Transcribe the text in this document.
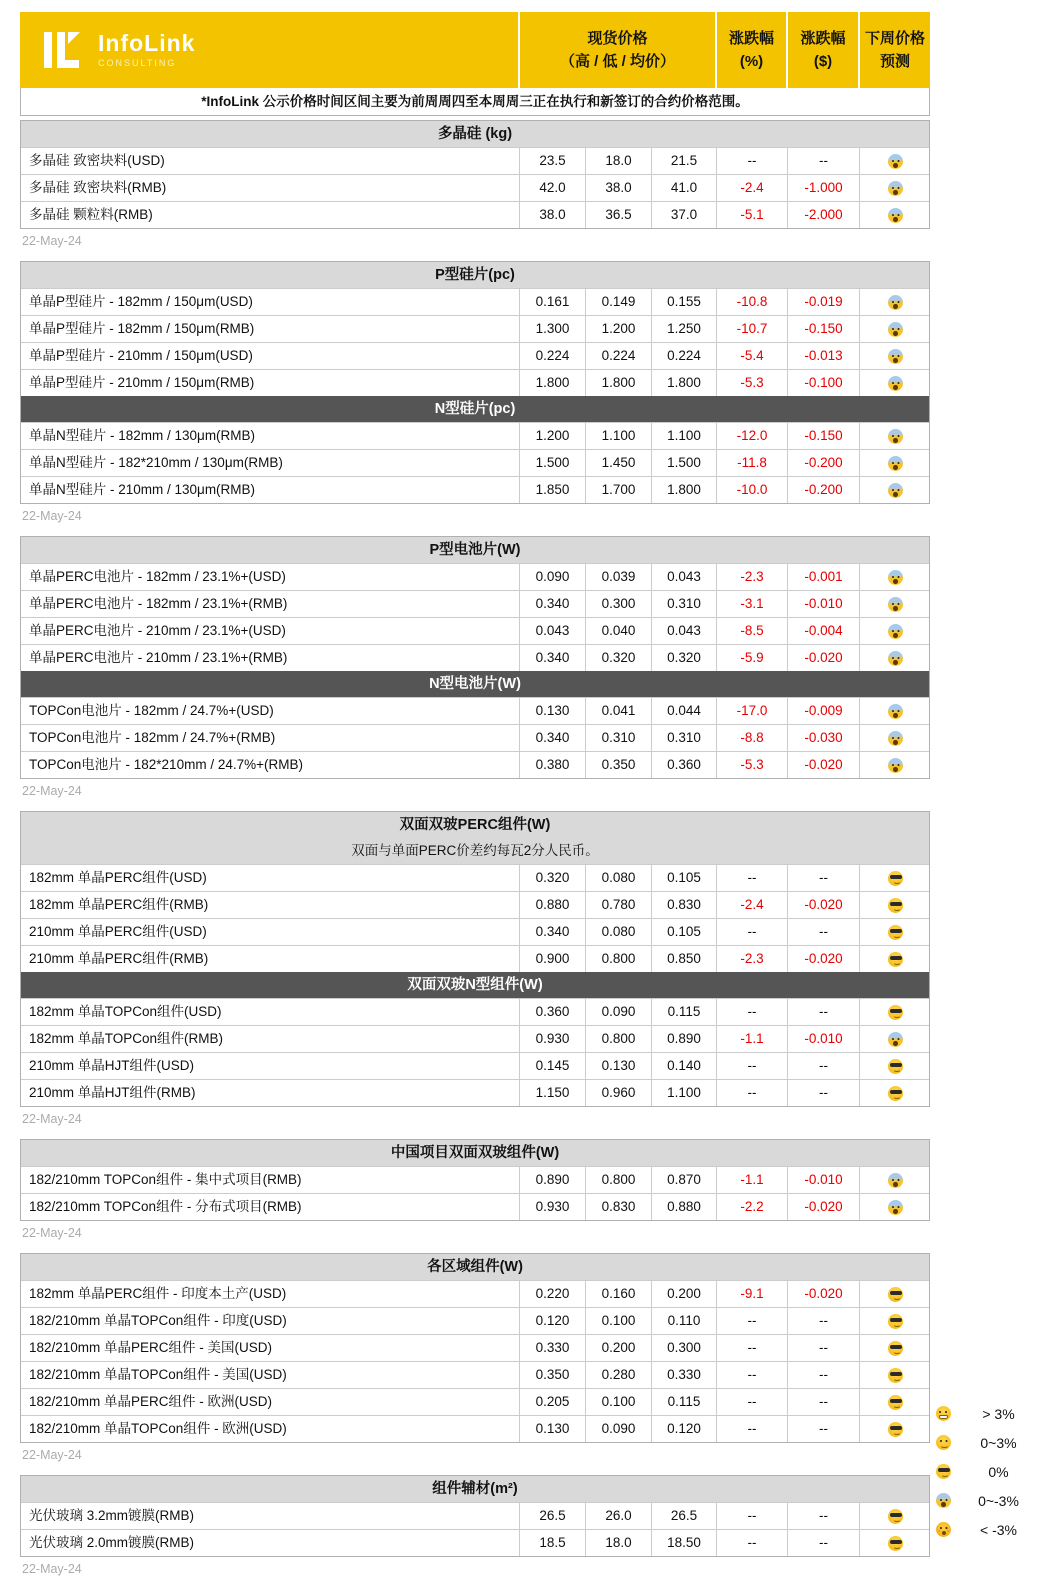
InfoLink
CONSULTING
现货价格
（高 / 低 / 均价）
涨跌幅
(%)
涨跌幅
($)
下周价格
预测
*InfoLink 公示价格时间区间主要为前周周四至本周周三正在执行和新签订的合约价格范围。
多晶硅 (kg)
多晶硅 致密块料(USD)	23.5	18.0	21.5	--	--
多晶硅 致密块料(RMB)	42.0	38.0	41.0	-2.4	-1.000
多晶硅 颗粒料(RMB)	38.0	36.5	37.0	-5.1	-2.000
22-May-24
P型硅片(pc)
单晶P型硅片 - 182mm / 150μm(USD)	0.161	0.149	0.155	-10.8	-0.019
单晶P型硅片 - 182mm / 150μm(RMB)	1.300	1.200	1.250	-10.7	-0.150
单晶P型硅片 - 210mm / 150μm(USD)	0.224	0.224	0.224	-5.4	-0.013
单晶P型硅片 - 210mm / 150μm(RMB)	1.800	1.800	1.800	-5.3	-0.100
N型硅片(pc)
单晶N型硅片 - 182mm / 130μm(RMB)	1.200	1.100	1.100	-12.0	-0.150
单晶N型硅片 - 182*210mm / 130μm(RMB)	1.500	1.450	1.500	-11.8	-0.200
单晶N型硅片 - 210mm / 130μm(RMB)	1.850	1.700	1.800	-10.0	-0.200
22-May-24
P型电池片(W)
单晶PERC电池片 - 182mm / 23.1%+(USD)	0.090	0.039	0.043	-2.3	-0.001
单晶PERC电池片 - 182mm / 23.1%+(RMB)	0.340	0.300	0.310	-3.1	-0.010
单晶PERC电池片 - 210mm / 23.1%+(USD)	0.043	0.040	0.043	-8.5	-0.004
单晶PERC电池片 - 210mm / 23.1%+(RMB)	0.340	0.320	0.320	-5.9	-0.020
N型电池片(W)
TOPCon电池片 - 182mm / 24.7%+(USD)	0.130	0.041	0.044	-17.0	-0.009
TOPCon电池片 - 182mm / 24.7%+(RMB)	0.340	0.310	0.310	-8.8	-0.030
TOPCon电池片 - 182*210mm / 24.7%+(RMB)	0.380	0.350	0.360	-5.3	-0.020
22-May-24
双面双玻PERC组件(W)
双面与单面PERC价差约每瓦2分人民币。
182mm 单晶PERC组件(USD)	0.320	0.080	0.105	--	--
182mm 单晶PERC组件(RMB)	0.880	0.780	0.830	-2.4	-0.020
210mm 单晶PERC组件(USD)	0.340	0.080	0.105	--	--
210mm 单晶PERC组件(RMB)	0.900	0.800	0.850	-2.3	-0.020
双面双玻N型组件(W)
182mm 单晶TOPCon组件(USD)	0.360	0.090	0.115	--	--
182mm 单晶TOPCon组件(RMB)	0.930	0.800	0.890	-1.1	-0.010
210mm 单晶HJT组件(USD)	0.145	0.130	0.140	--	--
210mm 单晶HJT组件(RMB)	1.150	0.960	1.100	--	--
22-May-24
中国项目双面双玻组件(W)
182/210mm TOPCon组件 - 集中式项目(RMB)	0.890	0.800	0.870	-1.1	-0.010
182/210mm TOPCon组件 - 分布式项目(RMB)	0.930	0.830	0.880	-2.2	-0.020
22-May-24
各区域组件(W)
182mm 单晶PERC组件 - 印度本土产(USD)	0.220	0.160	0.200	-9.1	-0.020
182/210mm 单晶TOPCon组件 - 印度(USD)	0.120	0.100	0.110	--	--
182/210mm 单晶PERC组件 - 美国(USD)	0.330	0.200	0.300	--	--
182/210mm 单晶TOPCon组件 - 美国(USD)	0.350	0.280	0.330	--	--
182/210mm 单晶PERC组件 - 欧洲(USD)	0.205	0.100	0.115	--	--
182/210mm 单晶TOPCon组件 - 欧洲(USD)	0.130	0.090	0.120	--	--
22-May-24
组件辅材(m²)
光伏玻璃 3.2mm镀膜(RMB)	26.5	26.0	26.5	--	--
光伏玻璃 2.0mm镀膜(RMB)	18.5	18.0	18.50	--	--
22-May-24
> 3%
0~3%
0%
0~-3%
< -3%
